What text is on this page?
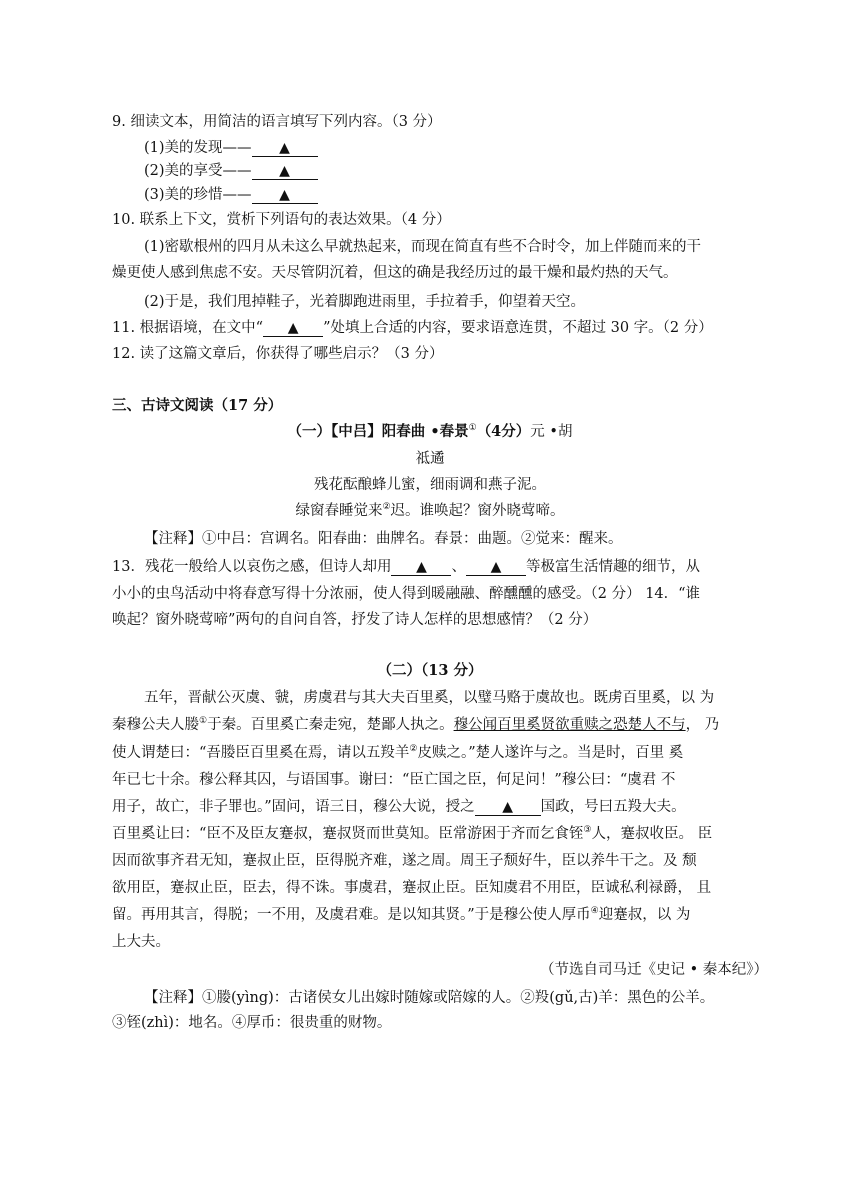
9. 细读文本，用简洁的语言填写下列内容。（3 分）
(1)美的发现—— ▲
(2)美的享受—— ▲
(3)美的珍惜—— ▲
10. 联系上下文，赏析下列语句的表达效果。（4 分）
(1)密歇根州的四月从未这么早就热起来，而现在简直有些不合时令，加上伴随而来的干
燥更使人感到焦虑不安。天尽管阴沉着，但这的确是我经历过的最干燥和最灼热的天气。
(2)于是，我们甩掉鞋子，光着脚跑进雨里，手拉着手，仰望着天空。
11. 根据语境，在文中“ ▲ ”处填上合适的内容，要求语意连贯，不超过 30 字。（2 分）
12. 读了这篇文章后，你获得了哪些启示？（3 分）
三、古诗文阅读（17 分）
（一）【中吕】阳春曲 •春景①（4分）元 •胡
祗遹
残花酝酿蜂儿蜜，细雨调和燕子泥。
绿窗春睡觉来②迟。谁唤起？窗外晓莺啼。
【注释】①中吕：宫调名。阳春曲：曲牌名。春景：曲题。②觉来：醒来。
13．残花一般给人以哀伤之感，但诗人却用 ▲ 、 ▲ 等极富生活情趣的细节，从
小小的虫鸟活动中将春意写得十分浓丽，使人得到暖融融、醉醺醺的感受。（2 分） 14．“谁
唤起？窗外晓莺啼”两句的自问自答，抒发了诗人怎样的思想感情？（2 分）
（二）（13 分）
五年，晋献公灭虞、虢，虏虞君与其大夫百里奚，以璧马赂于虞故也。既虏百里奚，以 为
秦穆公夫人媵①于秦。百里奚亡秦走宛，楚鄙人执之。穆公闻百里奚贤欲重赎之恐楚人不与， 乃
使人谓楚曰：“吾媵臣百里奚在焉，请以五羖羊②皮赎之。”楚人遂许与之。当是时，百里 奚
年已七十余。穆公释其囚，与语国事。谢曰：“臣亡国之臣，何足问！”穆公曰：“虞君 不
用子，故亡，非子罪也。”固问，语三日，穆公大说，授之 ▲ 国政，号曰五羖大夫。
百里奚让曰：“臣不及臣友蹇叔，蹇叔贤而世莫知。臣常游困于齐而乞食铚③人，蹇叔收臣。 臣
因而欲事齐君无知，蹇叔止臣，臣得脱齐难，遂之周。周王子颓好牛，臣以养牛干之。及 颓
欲用臣，蹇叔止臣，臣去，得不诛。事虞君，蹇叔止臣。臣知虞君不用臣，臣诚私利禄爵， 且
留。再用其言，得脱；一不用，及虞君难。是以知其贤。”于是穆公使人厚币④迎蹇叔，以 为
上大夫。
（节选自司马迁《史记 • 秦本纪》）
【注释】①媵(yìng)：古诸侯女儿出嫁时随嫁或陪嫁的人。②羖(gǔ,古)羊：黑色的公羊。
③铚(zhì)：地名。④厚币：很贵重的财物。
